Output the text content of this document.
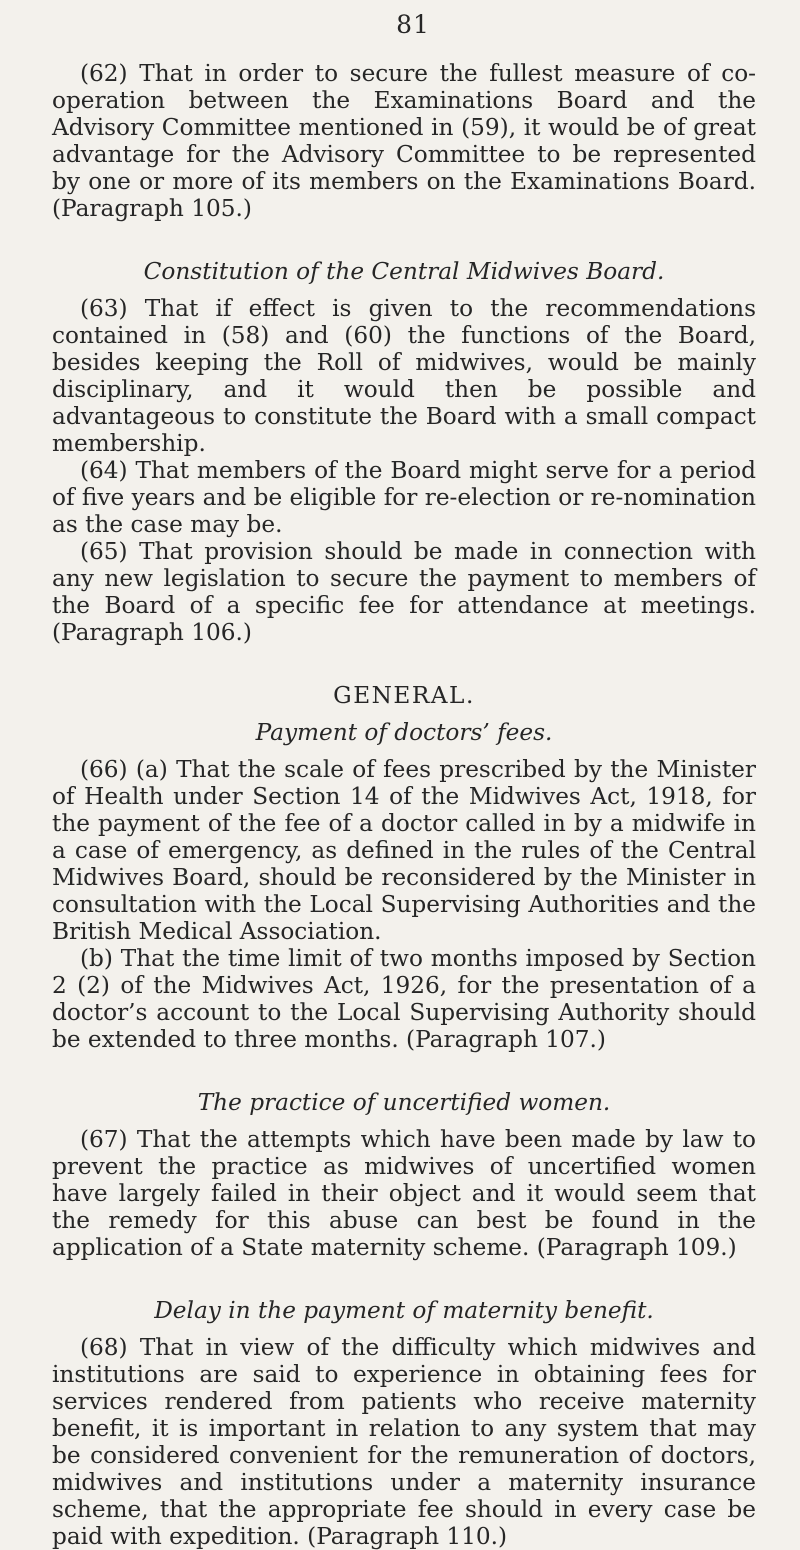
81

(62) That in order to secure the fullest measure of co-operation between the Examinations Board and the Advisory Committee mentioned in (59), it would be of great advantage for the Advisory Committee to be represented by one or more of its members on the Examinations Board. (Paragraph 105.)

Constitution of the Central Midwives Board.

(63) That if effect is given to the recommendations contained in (58) and (60) the functions of the Board, besides keeping the Roll of midwives, would be mainly disciplinary, and it would then be possible and advantageous to constitute the Board with a small compact membership.

(64) That members of the Board might serve for a period of five years and be eligible for re-election or re-nomination as the case may be.

(65) That provision should be made in connection with any new legislation to secure the payment to members of the Board of a specific fee for attendance at meetings. (Paragraph 106.)

GENERAL.
Payment of doctors’ fees.

(66) (a) That the scale of fees prescribed by the Minister of Health under Section 14 of the Midwives Act, 1918, for the payment of the fee of a doctor called in by a midwife in a case of emergency, as defined in the rules of the Central Midwives Board, should be reconsidered by the Minister in consultation with the Local Supervising Authorities and the British Medical Association.

(b) That the time limit of two months imposed by Section 2 (2) of the Midwives Act, 1926, for the presentation of a doctor’s account to the Local Supervising Authority should be extended to three months. (Paragraph 107.)

The practice of uncertified women.

(67) That the attempts which have been made by law to prevent the practice as midwives of uncertified women have largely failed in their object and it would seem that the remedy for this abuse can best be found in the application of a State maternity scheme. (Paragraph 109.)

Delay in the payment of maternity benefit.

(68) That in view of the difficulty which midwives and institutions are said to experience in obtaining fees for services rendered from patients who receive maternity benefit, it is important in relation to any system that may be considered convenient for the remuneration of doctors, midwives and institutions under a maternity insurance scheme, that the appropriate fee should in every case be paid with expedition. (Paragraph 110.)
